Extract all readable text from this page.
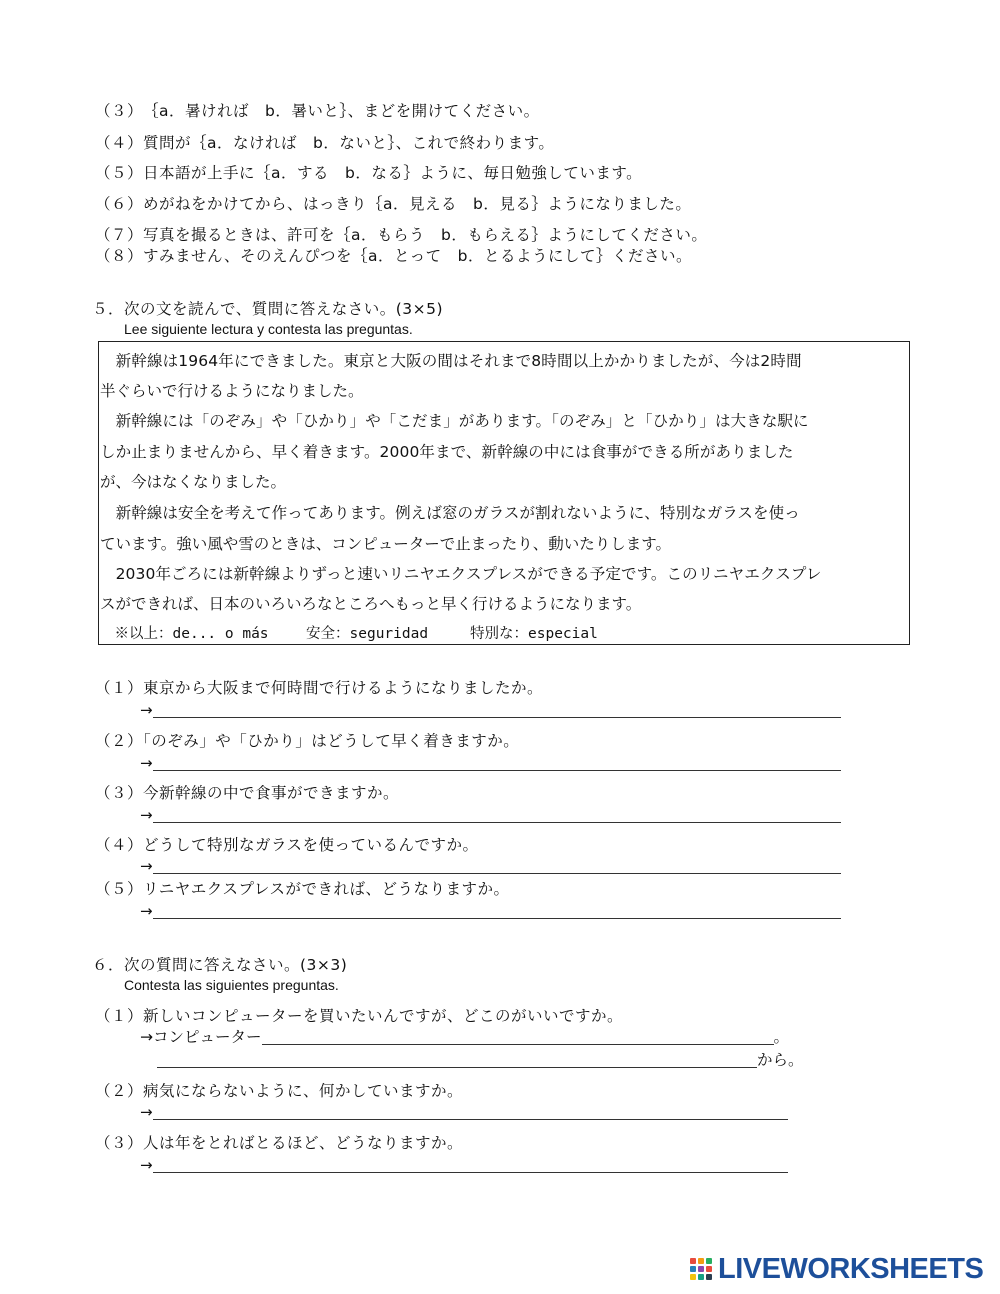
（３）｛a．暑ければ　b．暑いと｝、まどを開けてください。
（４）質問が｛a．なければ　b．ないと｝、これで終わります。
（５）日本語が上手に｛a．する　b．なる｝ように、毎日勉強しています。
（６）めがねをかけてから、はっきり｛a．見える　b．見る｝ようになりました。
（７）写真を撮るときは、許可を｛a．もらう　b．もらえる｝ようにしてください。
（８）すみません、そのえんぴつを｛a．とって　b．とるようにして｝ください。
５．次の文を読んで、質問に答えなさい。(3×5)
Lee siguiente lectura y contesta las preguntas.
　新幹線は1964年にできました。東京と大阪の間はそれまで8時間以上かかりましたが、今は2時間
半ぐらいで行けるようになりました。
　新幹線には「のぞみ」や「ひかり」や「こだま」があります。「のぞみ」と「ひかり」は大きな駅に
しか止まりませんから、早く着きます。2000年まで、新幹線の中には食事ができる所がありました
が、今はなくなりました。
　新幹線は安全を考えて作ってあります。例えば窓のガラスが割れないように、特別なガラスを使っ
ています。強い風や雪のときは、コンピューターで止まったり、動いたりします。
　2030年ごろには新幹線よりずっと速いリニヤエクスプレスができる予定です。このリニヤエクスプレ
スができれば、日本のいろいろなところへもっと早く行けるようになります。
　※以上：de... o más	安全：seguridad	特別な：especial
（１）東京から大阪まで何時間で行けるようになりましたか。
→
（２）「のぞみ」や「ひかり」はどうして早く着きますか。
→
（３）今新幹線の中で食事ができますか。
→
（４）どうして特別なガラスを使っているんですか。
→
（５）リニヤエクスプレスができれば、どうなりますか。
→
６．次の質問に答えなさい。(3×3)
Contesta las siguientes preguntas.
（１）新しいコンピューターを買いたいんですが、どこのがいいですか。
→コンピューター	。
から。
（２）病気にならないように、何かしていますか。
→
（３）人は年をとればとるほど、どうなりますか。
→
LIVEWORKSHEETS
